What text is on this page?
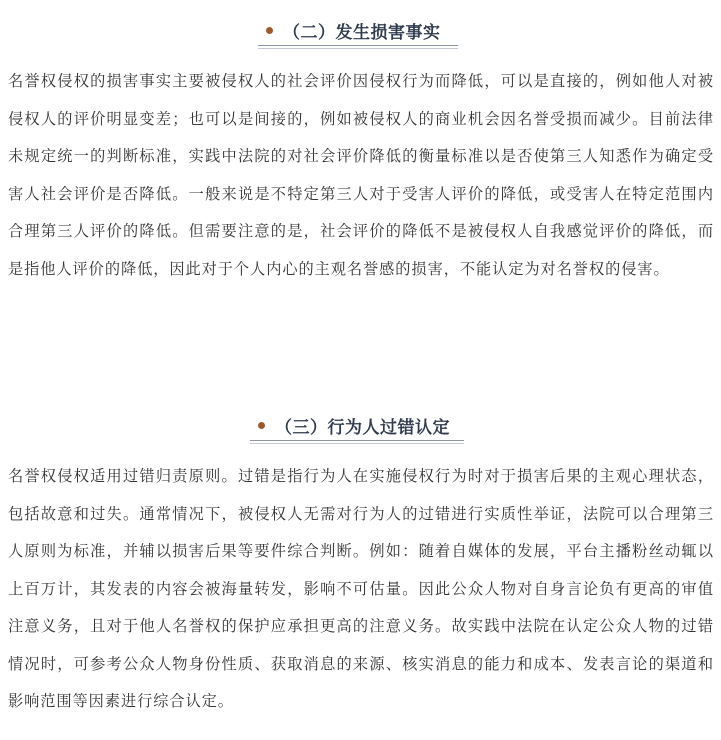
（二）发生损害事实

名誉权侵权的损害事实主要被侵权人的社会评价因侵权行为而降低，可以是直接的，例如他人对被侵权人的评价明显变差；也可以是间接的，例如被侵权人的商业机会因名誉受损而减少。目前法律未规定统一的判断标准，实践中法院的对社会评价降低的衡量标准以是否使第三人知悉作为确定受害人社会评价是否降低。一般来说是不特定第三人对于受害人评价的降低，或受害人在特定范围内合理第三人评价的降低。但需要注意的是，社会评价的降低不是被侵权人自我感觉评价的降低，而是指他人评价的降低，因此对于个人内心的主观名誉感的损害，不能认定为对名誉权的侵害。

（三）行为人过错认定

名誉权侵权适用过错归责原则。过错是指行为人在实施侵权行为时对于损害后果的主观心理状态，包括故意和过失。通常情况下，被侵权人无需对行为人的过错进行实质性举证，法院可以合理第三人原则为标准，并辅以损害后果等要件综合判断。例如：随着自媒体的发展，平台主播粉丝动辄以上百万计，其发表的内容会被海量转发，影响不可估量。因此公众人物对自身言论负有更高的审值注意义务，且对于他人名誉权的保护应承担更高的注意义务。故实践中法院在认定公众人物的过错情况时，可参考公众人物身份性质、获取消息的来源、核实消息的能力和成本、发表言论的渠道和影响范围等因素进行综合认定。
